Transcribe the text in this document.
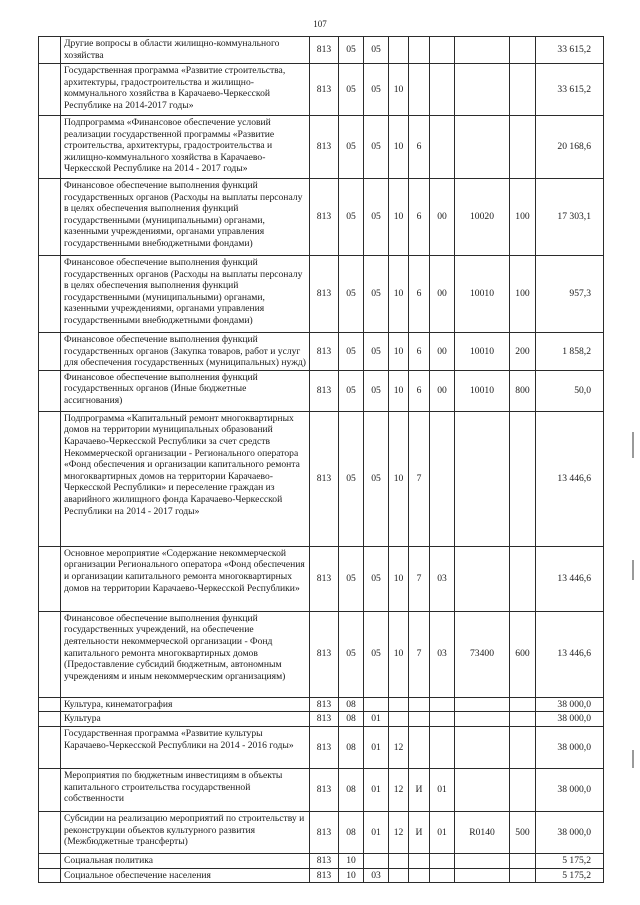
107
	Другие вопросы в области жилищно-коммунального хозяйства	813	05	05						33 615,2
	Государственная программа «Развитие строительства, архитектуры, градостроительства и жилищно-коммунального хозяйства в Карачаево-Черкесской Республике на 2014-2017 годы»	813	05	05	10					33 615,2
	Подпрограмма «Финансовое обеспечение условий реализации государственной программы «Развитие строительства, архитектуры, градостроительства и жилищно-коммунального хозяйства в Карачаево-Черкесской Республике на 2014 - 2017 годы»	813	05	05	10	6				20 168,6
	Финансовое обеспечение выполнения функций государственных органов (Расходы на выплаты персоналу в целях обеспечения выполнения функций государственными (муниципальными) органами, казенными учреждениями, органами управления государственными внебюджетными фондами)	813	05	05	10	6	00	10020	100	17 303,1
	Финансовое обеспечение выполнения функций государственных органов (Расходы на выплаты персоналу в целях обеспечения выполнения функций государственными (муниципальными) органами, казенными учреждениями, органами управления государственными внебюджетными фондами)	813	05	05	10	6	00	10010	100	957,3
	Финансовое обеспечение выполнения функций государственных органов (Закупка товаров, работ и услуг для обеспечения государственных (муниципальных) нужд)	813	05	05	10	6	00	10010	200	1 858,2
	Финансовое обеспечение выполнения функций государственных органов (Иные бюджетные ассигнования)	813	05	05	10	6	00	10010	800	50,0
	Подпрограмма «Капитальный ремонт многоквартирных домов на территории муниципальных образований Карачаево-Черкесской Республики за счет средств Некоммерческой организации - Регионального оператора «Фонд обеспечения и организации капитального ремонта многоквартирных домов на территории Карачаево-Черкесской Республики» и переселение граждан из аварийного жилищного фонда Карачаево-Черкесской Республики на 2014 - 2017 годы»	813	05	05	10	7				13 446,6
	Основное мероприятие «Содержание некоммерческой организации Регионального оператора «Фонд обеспечения и организации капитального ремонта многоквартирных домов на территории Карачаево-Черкесской Республики»	813	05	05	10	7	03			13 446,6
	Финансовое обеспечение выполнения функций государственных учреждений, на обеспечение деятельности некоммерческой организации - Фонд капитального ремонта многоквартирных домов (Предоставление субсидий бюджетным, автономным учреждениям и иным некоммерческим организациям)	813	05	05	10	7	03	73400	600	13 446,6
	Культура, кинематография	813	08							38 000,0
	Культура	813	08	01						38 000,0
	Государственная программа «Развитие культуры Карачаево-Черкесской Республики на 2014 - 2016 годы»	813	08	01	12					38 000,0
	Мероприятия по бюджетным инвестициям в объекты капитального строительства государственной собственности	813	08	01	12	И	01			38 000,0
	Субсидии на реализацию мероприятий по строительству и реконструкции объектов культурного развития (Межбюджетные трансферты)	813	08	01	12	И	01	R0140	500	38 000,0
	Социальная политика	813	10							5 175,2
	Социальное обеспечение населения	813	10	03						5 175,2
